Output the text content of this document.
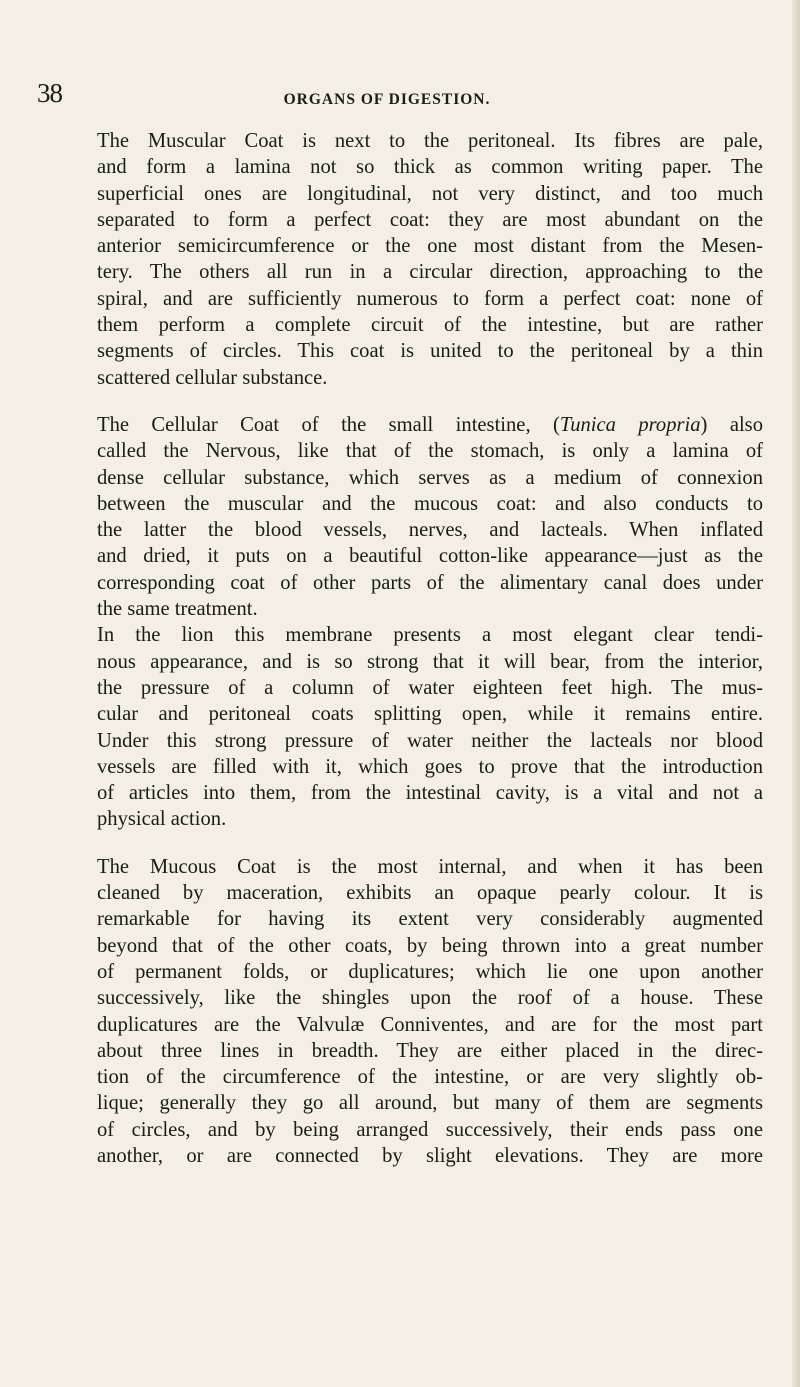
38	ORGANS OF DIGESTION.
The Muscular Coat is next to the peritoneal. Its fibres are pale,
and form a lamina not so thick as common writing paper. The
superficial ones are longitudinal, not very distinct, and too much
separated to form a perfect coat: they are most abundant on the
anterior semicircumference or the one most distant from the Mesen-
tery. The others all run in a circular direction, approaching to the
spiral, and are sufficiently numerous to form a perfect coat: none of
them perform a complete circuit of the intestine, but are rather
segments of circles. This coat is united to the peritoneal by a thin
scattered cellular substance.
The Cellular Coat of the small intestine, (Tunica propria) also
called the Nervous, like that of the stomach, is only a lamina of
dense cellular substance, which serves as a medium of connexion
between the muscular and the mucous coat: and also conducts to
the latter the blood vessels, nerves, and lacteals. When inflated
and dried, it puts on a beautiful cotton-like appearance—just as the
corresponding coat of other parts of the alimentary canal does under
the same treatment.
In the lion this membrane presents a most elegant clear tendi-
nous appearance, and is so strong that it will bear, from the interior,
the pressure of a column of water eighteen feet high. The mus-
cular and peritoneal coats splitting open, while it remains entire.
Under this strong pressure of water neither the lacteals nor blood
vessels are filled with it, which goes to prove that the introduction
of articles into them, from the intestinal cavity, is a vital and not a
physical action.
The Mucous Coat is the most internal, and when it has been
cleaned by maceration, exhibits an opaque pearly colour. It is
remarkable for having its extent very considerably augmented
beyond that of the other coats, by being thrown into a great number
of permanent folds, or duplicatures; which lie one upon another
successively, like the shingles upon the roof of a house. These
duplicatures are the Valvulæ Conniventes, and are for the most part
about three lines in breadth. They are either placed in the direc-
tion of the circumference of the intestine, or are very slightly ob-
lique; generally they go all around, but many of them are segments
of circles, and by being arranged successively, their ends pass one
another, or are connected by slight elevations. They are more
